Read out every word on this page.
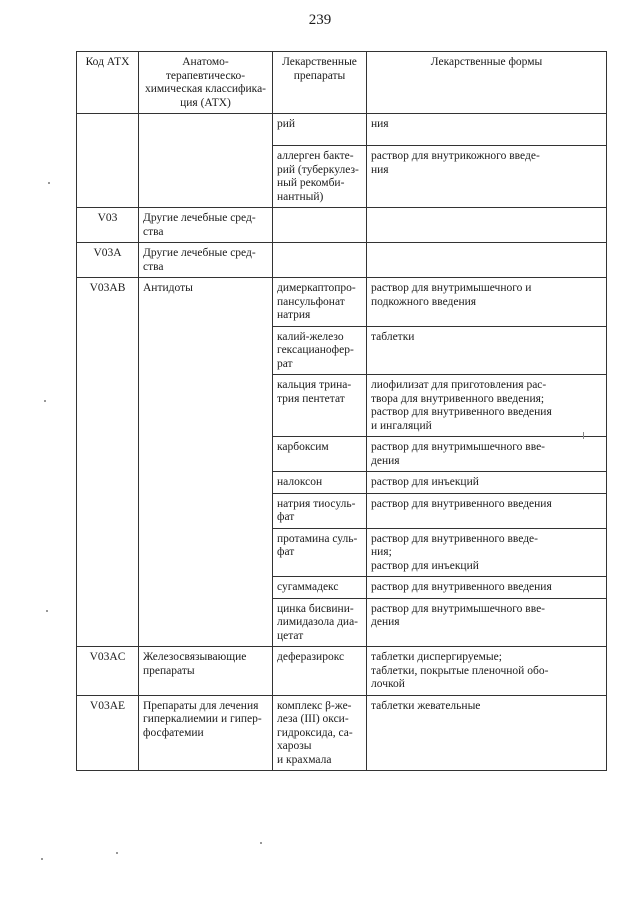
239
Код АТХ	Анатомо-терапевтическо-
химическая классифика-
ция (АТХ)	Лекарственные
препараты	Лекарственные формы
		рий	ния
		аллерген бакте-
рий (туберкулез-
ный рекомби-
нантный)	раствор для внутрикожного введе-
ния
V03	Другие лечебные сред-
ства		
V03A	Другие лечебные сред-
ства		
V03AB	Антидоты	димеркаптопро-
пансульфонат
натрия	раствор для внутримышечного и
подкожного введения
		калий-железо
гексацианофер-
рат	таблетки
		кальция трина-
трия пентетат	лиофилизат для приготовления рас-
твора для внутривенного введения;
раствор для внутривенного введения
и ингаляций
		карбоксим	раствор для внутримышечного вве-
дения
		налоксон	раствор для инъекций
		натрия тиосуль-
фат	раствор для внутривенного введения
		протамина суль-
фат	раствор для внутривенного введе-
ния;
раствор для инъекций
		сугаммадекс	раствор для внутривенного введения
		цинка бисвини-
лимидазола диа-
цетат	раствор для внутримышечного вве-
дения
V03AC	Железосвязывающие
препараты	деферазирокс	таблетки диспергируемые;
таблетки, покрытые пленочной обо-
лочкой
V03AE	Препараты для лечения
гиперкалиемии и гипер-
фосфатемии	комплекс β-же-
леза (III) окси-
гидроксида, са-
харозы
и крахмала	таблетки жевательные
